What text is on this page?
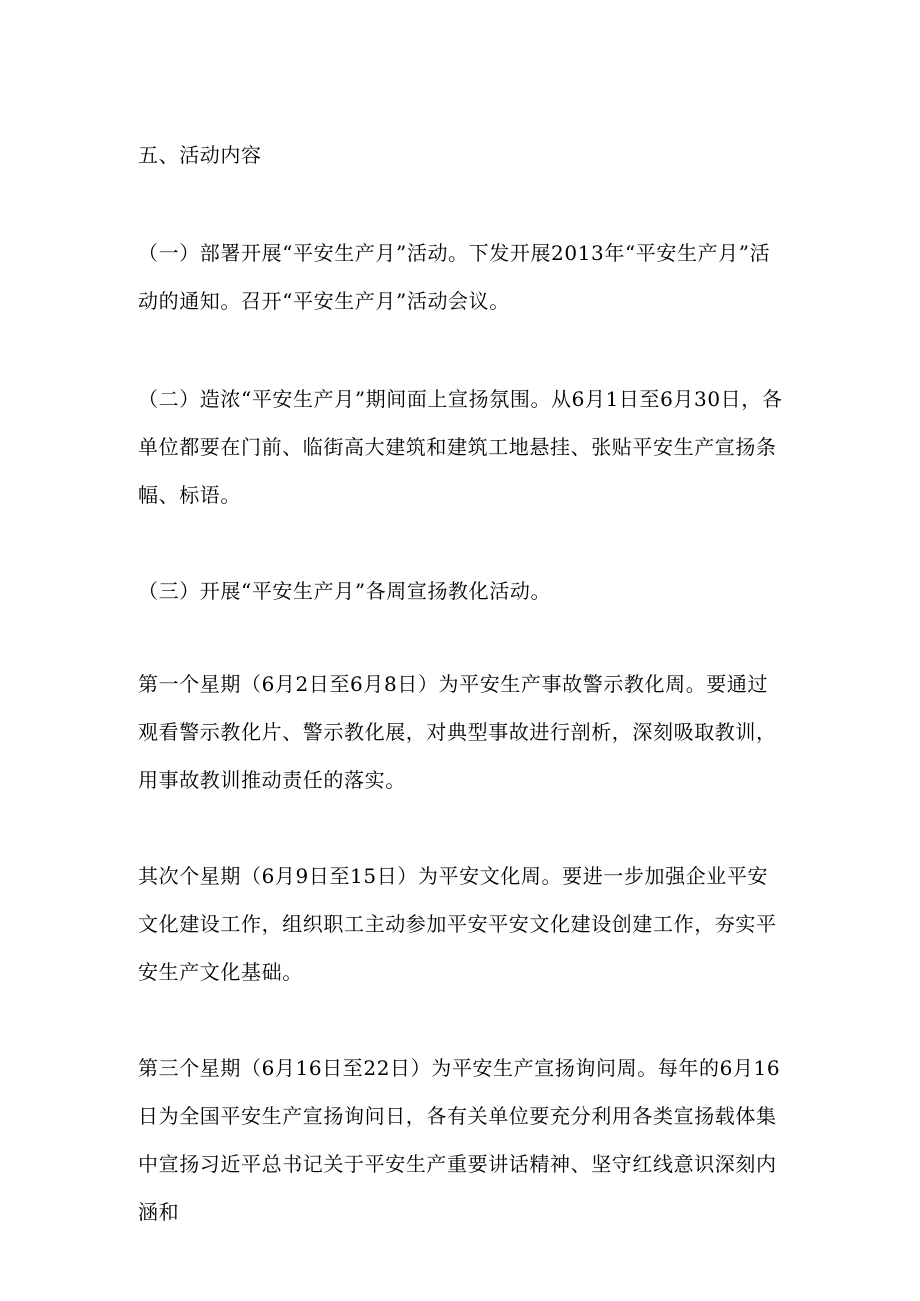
五、活动内容

（一）部署开展“平安生产月”活动。下发开展2013年“平安生产月”活动的通知。召开“平安生产月”活动会议。

（二）造浓“平安生产月”期间面上宣扬氛围。从6月1日至6月30日，各单位都要在门前、临街高大建筑和建筑工地悬挂、张贴平安生产宣扬条幅、标语。

（三）开展“平安生产月”各周宣扬教化活动。

第一个星期（6月2日至6月8日）为平安生产事故警示教化周。要通过观看警示教化片、警示教化展，对典型事故进行剖析，深刻吸取教训，用事故教训推动责任的落实。

其次个星期（6月9日至15日）为平安文化周。要进一步加强企业平安文化建设工作，组织职工主动参加平安平安文化建设创建工作，夯实平安生产文化基础。

第三个星期（6月16日至22日）为平安生产宣扬询问周。每年的6月16日为全国平安生产宣扬询问日，各有关单位要充分利用各类宣扬载体集中宣扬习近平总书记关于平安生产重要讲话精神、坚守红线意识深刻内涵和
